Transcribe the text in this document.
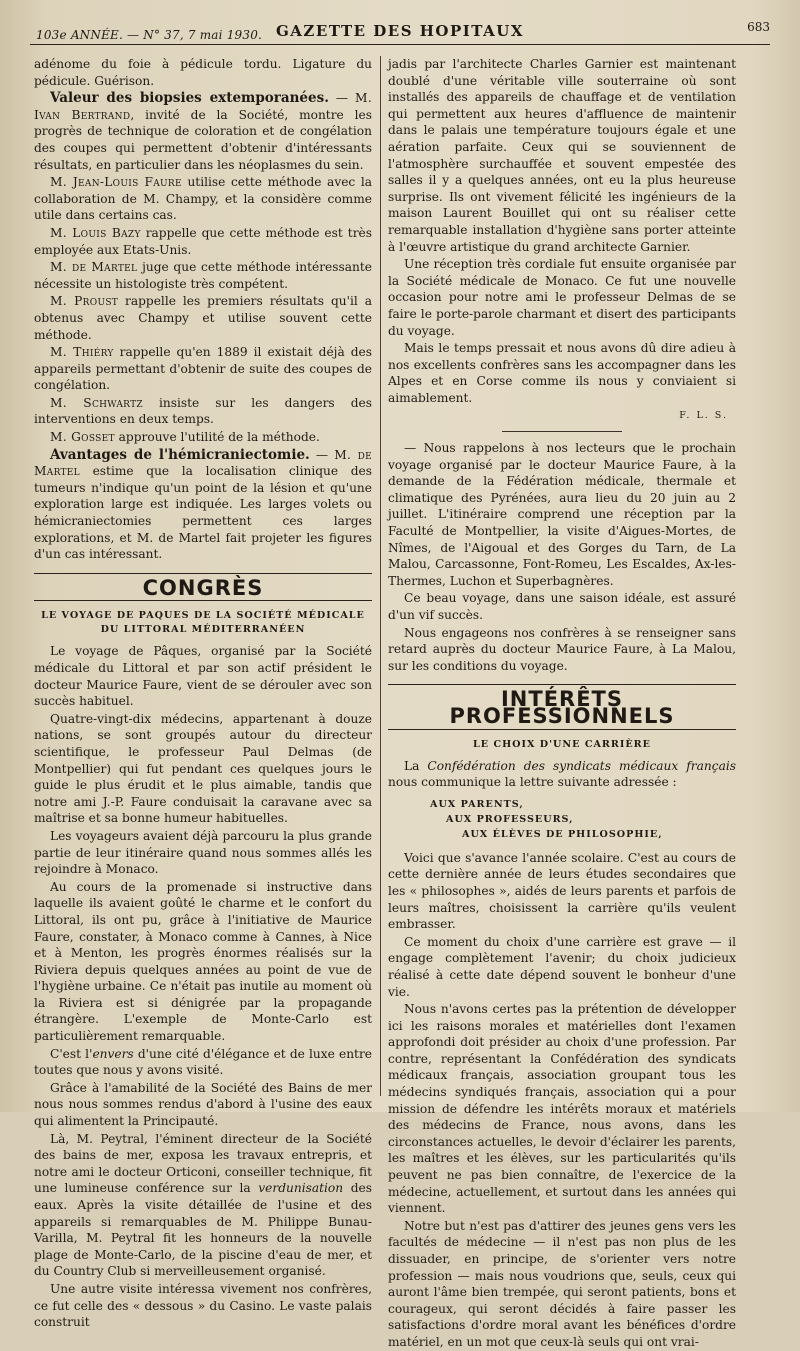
103e ANNÉE. — N° 37, 7 mai 1930. GAZETTE DES HOPITAUX	683

adénome du foie à pédicule tordu. Ligature du pédicule. Guérison.

Valeur des biopsies extemporanées. — M. Ivan Bertrand, invité de la Société, montre les progrès de technique de coloration et de congélation des coupes qui permettent d'obtenir d'intéressants résultats, en particulier dans les néoplasmes du sein.

M. Jean-Louis Faure utilise cette méthode avec la collaboration de M. Champy, et la considère comme utile dans certains cas.

M. Louis Bazy rappelle que cette méthode est très employée aux Etats-Unis.

M. de Martel juge que cette méthode intéressante nécessite un histologiste très compétent.

M. Proust rappelle les premiers résultats qu'il a obtenus avec Champy et utilise souvent cette méthode.

M. Thiéry rappelle qu'en 1889 il existait déjà des appareils permettant d'obtenir de suite des coupes de congélation.

M. Schwartz insiste sur les dangers des interventions en deux temps.

M. Gosset approuve l'utilité de la méthode.

Avantages de l'hémicraniectomie. — M. de Martel estime que la localisation clinique des tumeurs n'indique qu'un point de la lésion et qu'une exploration large est indiquée. Les larges volets ou hémicraniectomies permettent ces larges explorations, et M. de Martel fait projeter les figures d'un cas intéressant.

CONGRÈS
LE VOYAGE DE PAQUES DE LA SOCIÉTÉ MÉDICALE DU LITTORAL MÉDITERRANÉEN

Le voyage de Pâques, organisé par la Société médicale du Littoral et par son actif président le docteur Maurice Faure, vient de se dérouler avec son succès habituel.

Quatre-vingt-dix médecins, appartenant à douze nations, se sont groupés autour du directeur scientifique, le professeur Paul Delmas (de Montpellier) qui fut pendant ces quelques jours le guide le plus érudit et le plus aimable, tandis que notre ami J.-P. Faure conduisait la caravane avec sa maîtrise et sa bonne humeur habituelles.

Les voyageurs avaient déjà parcouru la plus grande partie de leur itinéraire quand nous sommes allés les rejoindre à Monaco.

Au cours de la promenade si instructive dans laquelle ils avaient goûté le charme et le confort du Littoral, ils ont pu, grâce à l'initiative de Maurice Faure, constater, à Monaco comme à Cannes, à Nice et à Menton, les progrès énormes réalisés sur la Riviera depuis quelques années au point de vue de l'hygiène urbaine. Ce n'était pas inutile au moment où la Riviera est si dénigrée par la propagande étrangère. L'exemple de Monte-Carlo est particulièrement remarquable.

C'est l'envers d'une cité d'élégance et de luxe entre toutes que nous y avons visité.

Grâce à l'amabilité de la Société des Bains de mer nous nous sommes rendus d'abord à l'usine des eaux qui alimentent la Principauté.

Là, M. Peytral, l'éminent directeur de la Société des bains de mer, exposa les travaux entrepris, et notre ami le docteur Orticoni, conseiller technique, fit une lumineuse conférence sur la verdunisation des eaux. Après la visite détaillée de l'usine et des appareils si remarquables de M. Philippe Bunau-Varilla, M. Peytral fit les honneurs de la nouvelle plage de Monte-Carlo, de la piscine d'eau de mer, et du Country Club si merveilleusement organisé.

Une autre visite intéressa vivement nos confrères, ce fut celle des « dessous » du Casino. Le vaste palais construit

jadis par l'architecte Charles Garnier est maintenant doublé d'une véritable ville souterraine où sont installés des appareils de chauffage et de ventilation qui permettent aux heures d'affluence de maintenir dans le palais une température toujours égale et une aération parfaite. Ceux qui se souviennent de l'atmosphère surchauffée et souvent empestée des salles il y a quelques années, ont eu la plus heureuse surprise. Ils ont vivement félicité les ingénieurs de la maison Laurent Bouillet qui ont su réaliser cette remarquable installation d'hygiène sans porter atteinte à l'œuvre artistique du grand architecte Garnier.

Une réception très cordiale fut ensuite organisée par la Société médicale de Monaco. Ce fut une nouvelle occasion pour notre ami le professeur Delmas de se faire le porte-parole charmant et disert des participants du voyage.

Mais le temps pressait et nous avons dû dire adieu à nos excellents confrères sans les accompagner dans les Alpes et en Corse comme ils nous y conviaient si aimablement.

F. L. S.

— Nous rappelons à nos lecteurs que le prochain voyage organisé par le docteur Maurice Faure, à la demande de la Fédération médicale, thermale et climatique des Pyrénées, aura lieu du 20 juin au 2 juillet. L'itinéraire comprend une réception par la Faculté de Montpellier, la visite d'Aigues-Mortes, de Nîmes, de l'Aigoual et des Gorges du Tarn, de La Malou, Carcassonne, Font-Romeu, Les Escaldes, Ax-les-Thermes, Luchon et Superbagnères.

Ce beau voyage, dans une saison idéale, est assuré d'un vif succès.

Nous engageons nos confrères à se renseigner sans retard auprès du docteur Maurice Faure, à La Malou, sur les conditions du voyage.

INTÉRÊTS PROFESSIONNELS
LE CHOIX D'UNE CARRIÈRE

La Confédération des syndicats médicaux français nous communique la lettre suivante adressée :

AUX PARENTS,
AUX PROFESSEURS,
AUX ÉLÈVES DE PHILOSOPHIE,

Voici que s'avance l'année scolaire. C'est au cours de cette dernière année de leurs études secondaires que les « philosophes », aidés de leurs parents et parfois de leurs maîtres, choisissent la carrière qu'ils veulent embrasser.

Ce moment du choix d'une carrière est grave — il engage complètement l'avenir; du choix judicieux réalisé à cette date dépend souvent le bonheur d'une vie.

Nous n'avons certes pas la prétention de développer ici les raisons morales et matérielles dont l'examen approfondi doit présider au choix d'une profession. Par contre, représentant la Confédération des syndicats médicaux français, association groupant tous les médecins syndiqués français, association qui a pour mission de défendre les intérêts moraux et matériels des médecins de France, nous avons, dans les circonstances actuelles, le devoir d'éclairer les parents, les maîtres et les élèves, sur les particularités qu'ils peuvent ne pas bien connaître, de l'exercice de la médecine, actuellement, et surtout dans les années qui viennent.

Notre but n'est pas d'attirer des jeunes gens vers les facultés de médecine — il n'est pas non plus de les dissuader, en principe, de s'orienter vers notre profession — mais nous voudrions que, seuls, ceux qui auront l'âme bien trempée, qui seront patients, bons et courageux, qui seront décidés à faire passer les satisfactions d'ordre moral avant les bénéfices d'ordre matériel, en un mot que ceux-là seuls qui ont vrai-
